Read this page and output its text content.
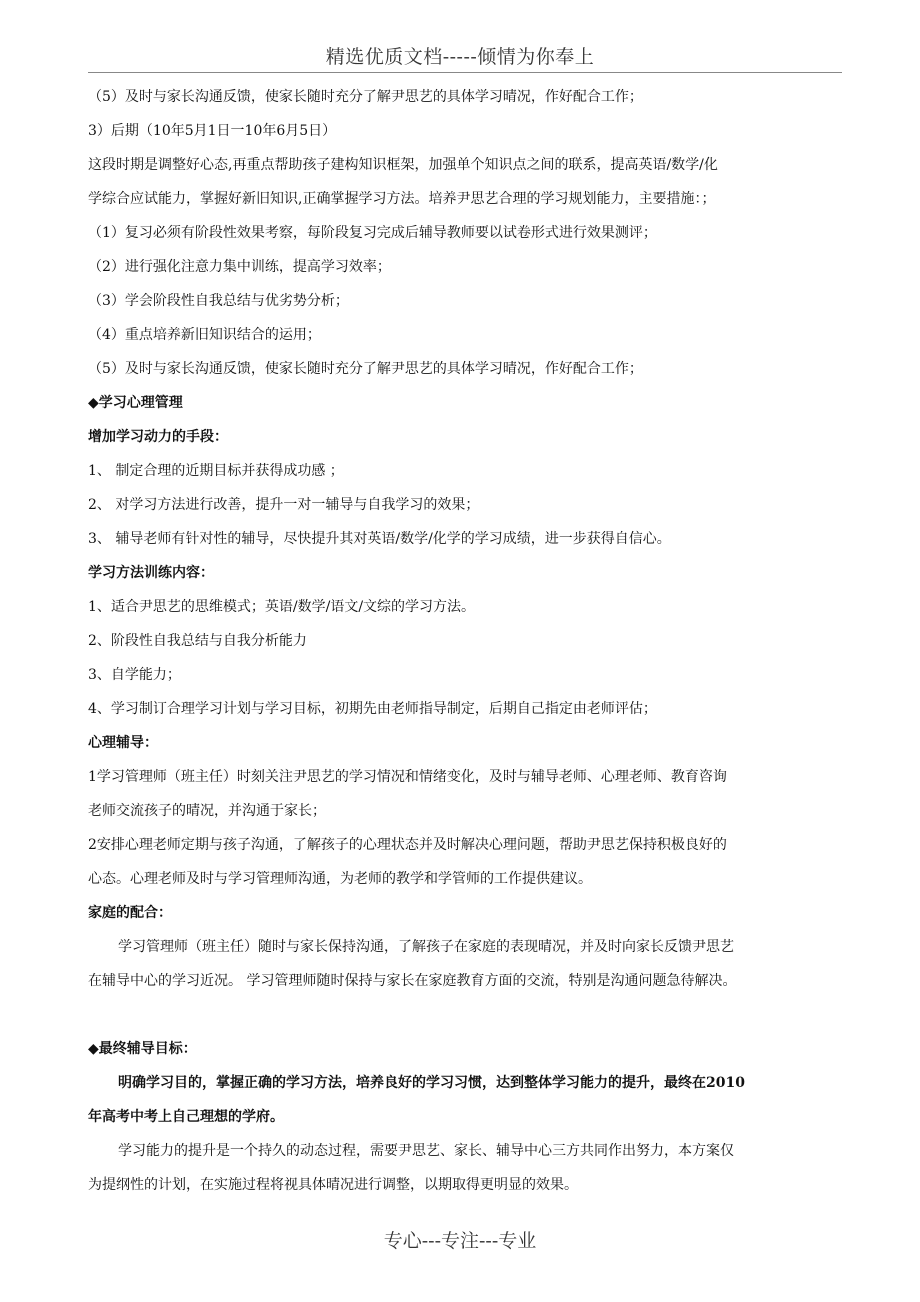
精选优质文档-----倾情为你奉上
（5）及时与家长沟通反馈，使家长随时充分了解尹思艺的具体学习晴况，作好配合工作；
3）后期（10年5月1日一10年6月5日）
这段时期是调整好心态,再重点帮助孩子建构知识框架，加强单个知识点之间的联系，提高英语/数学/化
学综合应试能力，掌握好新旧知识,正确掌握学习方法。培养尹思艺合理的学习规划能力，主要措施：；
（1）复习必须有阶段性效果考察，每阶段复习完成后辅导教师要以试卷形式进行效果测评；
（2）进行强化注意力集中训练，提高学习效率；
（3）学会阶段性自我总结与优劣势分析；
（4）重点培养新旧知识结合的运用；
（5）及时与家长沟通反馈，使家长随时充分了解尹思艺的具体学习晴况，作好配合工作；
◆学习心理管理
增加学习动力的手段：
1、 制定合理的近期目标并获得成功感 ；
2、 对学习方法进行改善，提升一对一辅导与自我学习的效果；
3、 辅导老师有针对性的辅导，尽快提升其对英语/数学/化学的学习成绩，进一步获得自信心。
学习方法训练内容：
1、适合尹思艺的思维模式；英语/数学/语文/文综的学习方法。
2、阶段性自我总结与自我分析能力
3、自学能力；
4、学习制订合理学习计划与学习目标，初期先由老师指导制定，后期自己指定由老师评估；
心理辅导：
1学习管理师（班主任）时刻关注尹思艺的学习情况和情绪变化，及时与辅导老师、心理老师、教育咨询
老师交流孩子的晴况，并沟通于家长；
2安排心理老师定期与孩子沟通，了解孩子的心理状态并及时解决心理问题，帮助尹思艺保持积极良好的
心态。心理老师及时与学习管理师沟通，为老师的教学和学管师的工作提供建议。
家庭的配合：
学习管理师（班主任）随时与家长保持沟通，了解孩子在家庭的表现晴况，并及时向家长反馈尹思艺
在辅导中心的学习近况。 学习管理师随时保持与家长在家庭教育方面的交流，特别是沟通问题急待解决。
◆最终辅导目标：
明确学习目的，掌握正确的学习方法，培养良好的学习习惯，达到整体学习能力的提升，最终在2010
年高考中考上自己理想的学府。
学习能力的提升是一个持久的动态过程，需要尹思艺、家长、辅导中心三方共同作出努力，本方案仅
为提纲性的计划，在实施过程将视具体晴况进行调整，以期取得更明显的效果。
专心---专注---专业
